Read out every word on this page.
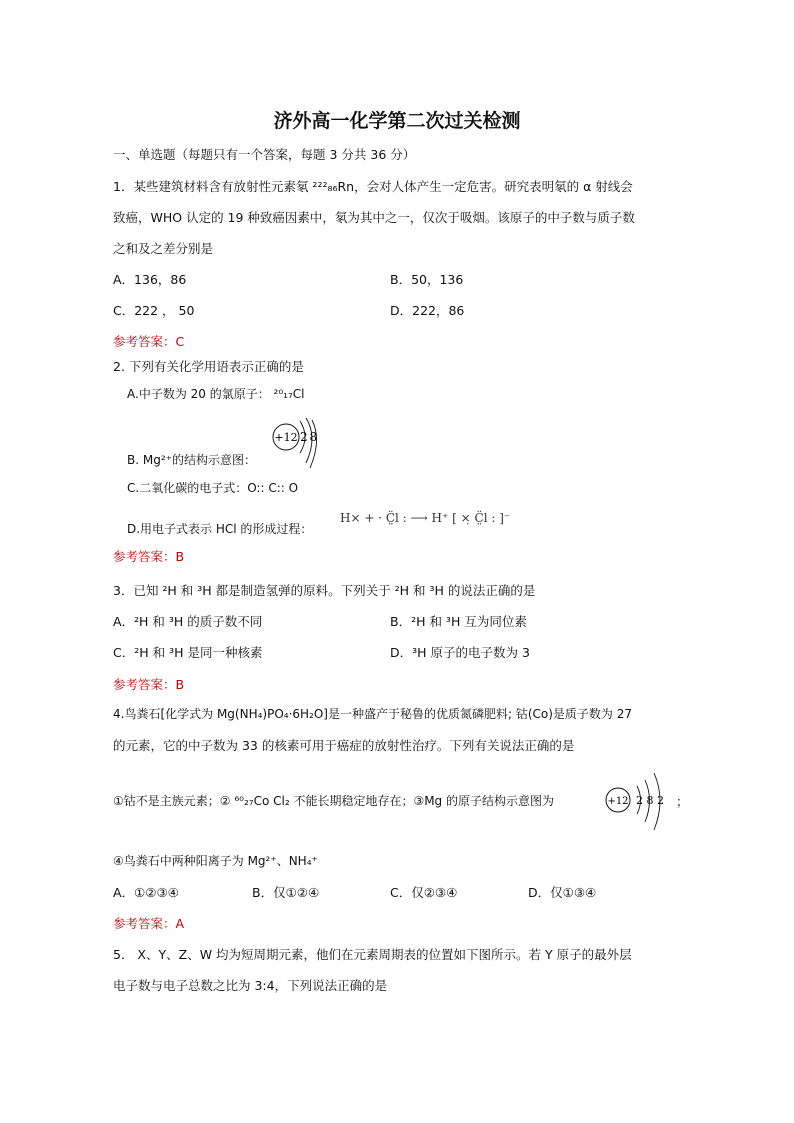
济外高一化学第二次过关检测
一、单选题（每题只有一个答案，每题 3 分共 36 分）
1．某些建筑材料含有放射性元素氡 ²²²₈₆Rn，会对人体产生一定危害。研究表明氡的 α 射线会
致癌，WHO 认定的 19 种致癌因素中，氡为其中之一，仅次于吸烟。该原子的中子数与质子数
之和及之差分别是
A．136，86	B．50，136
C．222 ， 50	D．222，86
参考答案：C
2. 下列有关化学用语表示正确的是
A.中子数为 20 的氯原子： ²⁰₁₇Cl
B. Mg²⁺的结构示意图：
+12 2 8
C.二氧化碳的电子式：O:: C:: O
D.用电子式表示 HCl 的形成过程：
H× + · C̤̈l : ⟶ H⁺ [ ×̣ C̤̈l : ]⁻
参考答案：B
3．已知 ²H 和 ³H 都是制造氢弹的原料。下列关于 ²H 和 ³H 的说法正确的是
A．²H 和 ³H 的质子数不同	B．²H 和 ³H 互为同位素
C．²H 和 ³H 是同一种核素	D．³H 原子的电子数为 3
参考答案：B
4.鸟粪石[化学式为 Mg(NH₄)PO₄·6H₂O]是一种盛产于秘鲁的优质氮磷肥料; 钴(Co)是质子数为 27
的元素，它的中子数为 33 的核素可用于癌症的放射性治疗。下列有关说法正确的是
①钴不是主族元素；② ⁶⁰₂₇Co Cl₂ 不能长期稳定地存在；③Mg 的原子结构示意图为	+12 2 8 2 ；
④鸟粪石中两种阳离子为 Mg²⁺、NH₄⁺
A．①②③④	B．仅①②④	C．仅②③④	D．仅①③④
参考答案：A
5． X、Y、Z、W 均为短周期元素，他们在元素周期表的位置如下图所示。若 Y 原子的最外层
电子数与电子总数之比为 3:4，下列说法正确的是
